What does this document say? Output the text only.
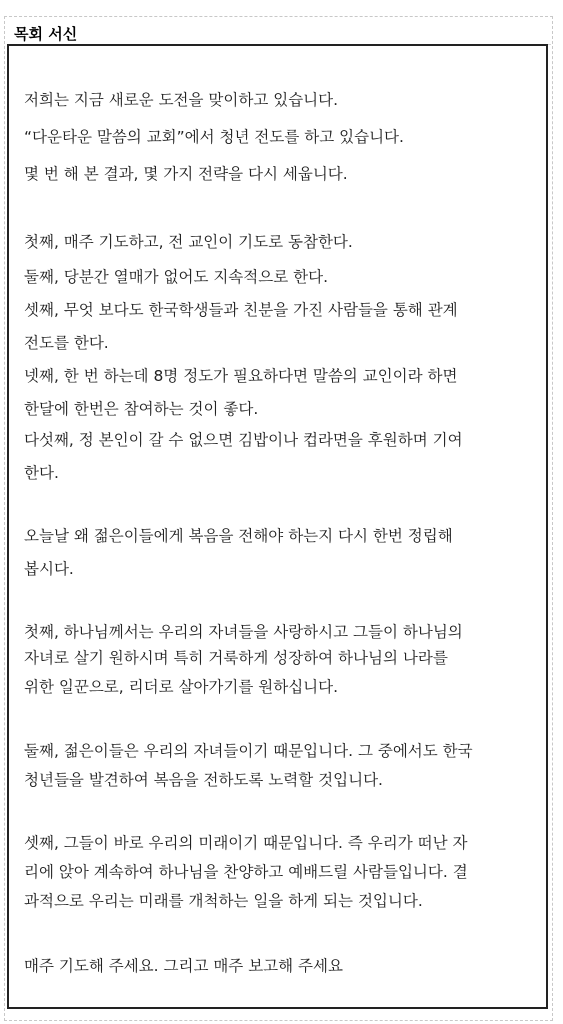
목회 서신
저희는 지금 새로운 도전을 맞이하고 있습니다.
“다운타운 말씀의 교회”에서 청년 전도를 하고 있습니다.
몇 번 해 본 결과, 몇 가지 전략을 다시 세웁니다.
첫째, 매주 기도하고, 전 교인이 기도로 동참한다.
둘째, 당분간 열매가 없어도 지속적으로 한다.
셋째, 무엇 보다도 한국학생들과 친분을 가진 사람들을 통해 관계
전도를 한다.
넷째, 한 번 하는데 8명 정도가 필요하다면 말씀의 교인이라 하면
한달에 한번은 참여하는 것이 좋다.
다섯째, 정 본인이 갈 수 없으면 김밥이나 컵라면을 후원하며 기여
한다.
오늘날 왜 젊은이들에게 복음을 전해야 하는지 다시 한번 정립해
봅시다.
첫째, 하나님께서는 우리의 자녀들을 사랑하시고 그들이 하나님의
자녀로 살기 원하시며 특히 거룩하게 성장하여 하나님의 나라를
위한 일꾼으로, 리더로 살아가기를 원하십니다.
둘째, 젊은이들은 우리의 자녀들이기 때문입니다. 그 중에서도 한국
청년들을 발견하여 복음을 전하도록 노력할 것입니다.
셋째, 그들이 바로 우리의 미래이기 때문입니다. 즉 우리가 떠난 자
리에 앉아 계속하여 하나님을 찬양하고 예배드릴 사람들입니다. 결
과적으로 우리는 미래를 개척하는 일을 하게 되는 것입니다.
매주 기도해 주세요. 그리고 매주 보고해 주세요
